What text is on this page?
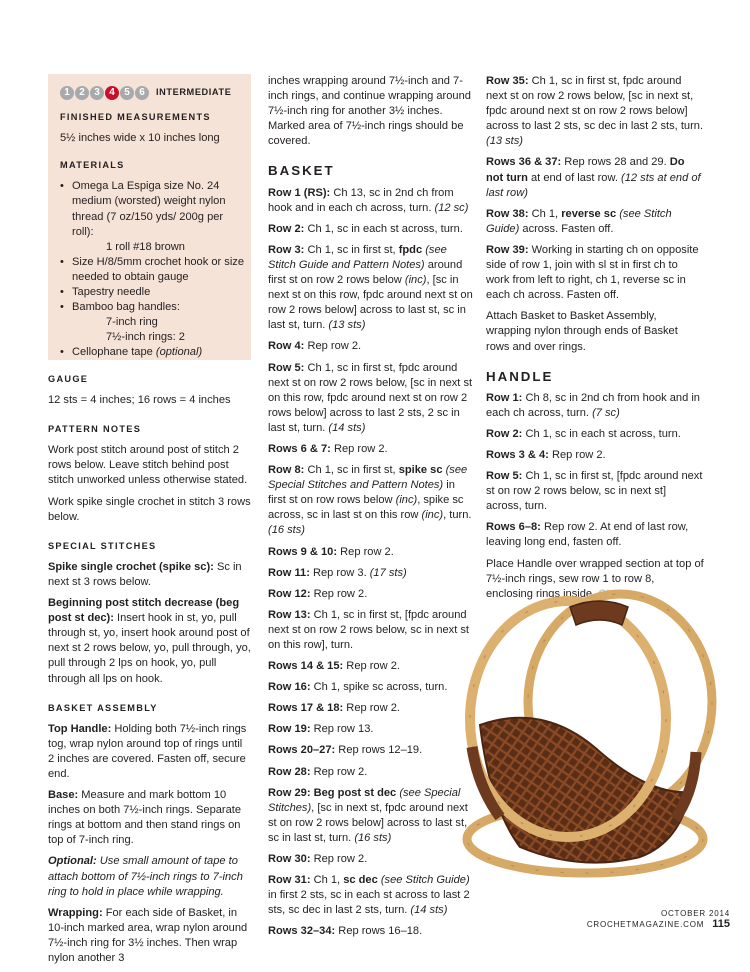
1 2 3 4 5 6	INTERMEDIATE
FINISHED MEASUREMENTS

5½ inches wide x 10 inches long

MATERIALS
• Omega La Espiga size No. 24 medium (worsted) weight nylon thread (7 oz/150 yds/ 200g per roll):
1 roll #18 brown
• Size H/8/5mm crochet hook or size needed to obtain gauge
• Tapestry needle
• Bamboo bag handles:
7-inch ring
7½-inch rings: 2
• Cellophane tape (optional)
GAUGE

12 sts = 4 inches; 16 rows = 4 inches

PATTERN NOTES

Work post stitch around post of stitch 2 rows below. Leave stitch behind post stitch unworked unless otherwise stated.

Work spike single crochet in stitch 3 rows below.

SPECIAL STITCHES

Spike single crochet (spike sc): Sc in next st 3 rows below.

Beginning post stitch decrease (beg post st dec): Insert hook in st, yo, pull through st, yo, insert hook around post of next st 2 rows below, yo, pull through, yo, pull through 2 lps on hook, yo, pull through all lps on hook.

BASKET ASSEMBLY

Top Handle: Holding both 7½-inch rings tog, wrap nylon around top of rings until 2 inches are covered. Fasten off, secure end.

Base: Measure and mark bottom 10 inches on both 7½-inch rings. Separate rings at bottom and then stand rings on top of 7-inch ring.

Optional: Use small amount of tape to attach bottom of 7½-inch rings to 7-inch ring to hold in place while wrapping.

Wrapping: For each side of Basket, in 10-inch marked area, wrap nylon around 7½-inch ring for 3½ inches. Then wrap nylon another 3

inches wrapping around 7½-inch and 7-inch rings, and continue wrapping around 7½-inch ring for another 3½ inches. Marked area of 7½-inch rings should be covered.

BASKET

Row 1 (RS): Ch 13, sc in 2nd ch from hook and in each ch across, turn. (12 sc)

Row 2: Ch 1, sc in each st across, turn.

Row 3: Ch 1, sc in first st, fpdc (see Stitch Guide and Pattern Notes) around first st on row 2 rows below (inc), [sc in next st on this row, fpdc around next st on row 2 rows below] across to last st, sc in last st, turn. (13 sts)

Row 4: Rep row 2.

Row 5: Ch 1, sc in first st, fpdc around next st on row 2 rows below, [sc in next st on this row, fpdc around next st on row 2 rows below] across to last 2 sts, 2 sc in last st, turn. (14 sts)

Rows 6 & 7: Rep row 2.

Row 8: Ch 1, sc in first st, spike sc (see Special Stitches and Pattern Notes) in first st on row rows below (inc), spike sc across, sc in last st on this row (inc), turn. (16 sts)

Rows 9 & 10: Rep row 2.

Row 11: Rep row 3. (17 sts)

Row 12: Rep row 2.

Row 13: Ch 1, sc in first st, [fpdc around next st on row 2 rows below, sc in next st on this row], turn.

Rows 14 & 15: Rep row 2.

Row 16: Ch 1, spike sc across, turn.

Rows 17 & 18: Rep row 2.

Row 19: Rep row 13.

Rows 20–27: Rep rows 12–19.

Row 28: Rep row 2.

Row 29: Beg post st dec (see Special Stitches), [sc in next st, fpdc around next st on row 2 rows below] across to last st, sc in last st, turn. (16 sts)

Row 30: Rep row 2.

Row 31: Ch 1, sc dec (see Stitch Guide) in first 2 sts, sc in each st across to last 2 sts, sc dec in last 2 sts, turn. (14 sts)

Rows 32–34: Rep rows 16–18.

Row 35: Ch 1, sc in first st, fpdc around next st on row 2 rows below, [sc in next st, fpdc around next st on row 2 rows below] across to last 2 sts, sc dec in last 2 sts, turn. (13 sts)

Rows 36 & 37: Rep rows 28 and 29. Do not turn at end of last row. (12 sts at end of last row)

Row 38: Ch 1, reverse sc (see Stitch Guide) across. Fasten off.

Row 39: Working in starting ch on opposite side of row 1, join with sl st in first ch to work from left to right, ch 1, reverse sc in each ch across. Fasten off.

Attach Basket to Basket Assembly, wrapping nylon through ends of Basket rows and over rings.

HANDLE

Row 1: Ch 8, sc in 2nd ch from hook and in each ch across, turn. (7 sc)

Row 2: Ch 1, sc in each st across, turn.

Rows 3 & 4: Rep row 2.

Row 5: Ch 1, sc in first st, [fpdc around next st on row 2 rows below, sc in next st] across, turn.

Rows 6–8: Rep row 2. At end of last row, leaving long end, fasten off.

Place Handle over wrapped section at top of 7½-inch rings, sew row 1 to row 8, enclosing rings inside. C!

OCTOBER 2014 CROCHETMAGAZINE.COM 115
